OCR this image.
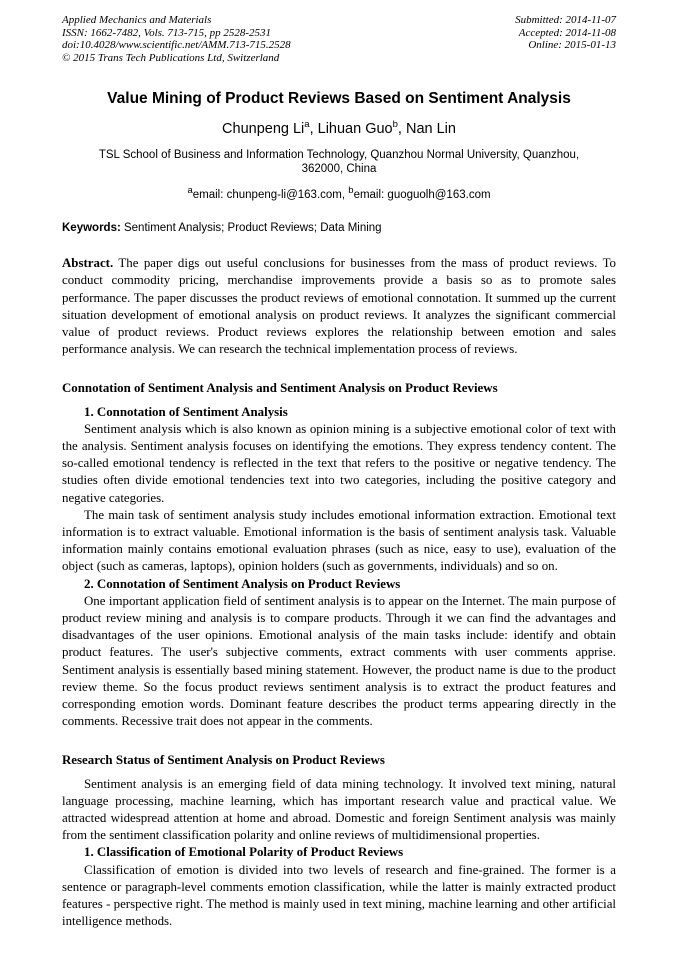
Applied Mechanics and Materials
ISSN: 1662-7482, Vols. 713-715, pp 2528-2531
doi:10.4028/www.scientific.net/AMM.713-715.2528
© 2015 Trans Tech Publications Ltd, Switzerland
Submitted: 2014-11-07
Accepted: 2014-11-08
Online: 2015-01-13
Value Mining of Product Reviews Based on Sentiment Analysis
Chunpeng Li$^a$, Lihuan Guo$^b$, Nan Lin
TSL School of Business and Information Technology, Quanzhou Normal University, Quanzhou, 362000, China
$^a$email: chunpeng-li@163.com, $^b$email: guoguolh@163.com
Keywords: Sentiment Analysis; Product Reviews; Data Mining
Abstract. The paper digs out useful conclusions for businesses from the mass of product reviews. To conduct commodity pricing, merchandise improvements provide a basis so as to promote sales performance. The paper discusses the product reviews of emotional connotation. It summed up the current situation development of emotional analysis on product reviews. It analyzes the significant commercial value of product reviews. Product reviews explores the relationship between emotion and sales performance analysis. We can research the technical implementation process of reviews.
Connotation of Sentiment Analysis and Sentiment Analysis on Product Reviews
1. Connotation of Sentiment Analysis

Sentiment analysis which is also known as opinion mining is a subjective emotional color of text with the analysis. Sentiment analysis focuses on identifying the emotions. They express tendency content. The so-called emotional tendency is reflected in the text that refers to the positive or negative tendency. The studies often divide emotional tendencies text into two categories, including the positive category and negative categories.

The main task of sentiment analysis study includes emotional information extraction. Emotional text information is to extract valuable. Emotional information is the basis of sentiment analysis task. Valuable information mainly contains emotional evaluation phrases (such as nice, easy to use), evaluation of the object (such as cameras, laptops), opinion holders (such as governments, individuals) and so on.

2. Connotation of Sentiment Analysis on Product Reviews

One important application field of sentiment analysis is to appear on the Internet. The main purpose of product review mining and analysis is to compare products. Through it we can find the advantages and disadvantages of the user opinions. Emotional analysis of the main tasks include: identify and obtain product features. The user's subjective comments, extract comments with user comments apprise. Sentiment analysis is essentially based mining statement. However, the product name is due to the product review theme. So the focus product reviews sentiment analysis is to extract the product features and corresponding emotion words. Dominant feature describes the product terms appearing directly in the comments. Recessive trait does not appear in the comments.

Research Status of Sentiment Analysis on Product Reviews

Sentiment analysis is an emerging field of data mining technology. It involved text mining, natural language processing, machine learning, which has important research value and practical value. We attracted widespread attention at home and abroad. Domestic and foreign Sentiment analysis was mainly from the sentiment classification polarity and online reviews of multidimensional properties.

1. Classification of Emotional Polarity of Product Reviews

Classification of emotion is divided into two levels of research and fine-grained. The former is a sentence or paragraph-level comments emotion classification, while the latter is mainly extracted product features - perspective right. The method is mainly used in text mining, machine learning and other artificial intelligence methods.
